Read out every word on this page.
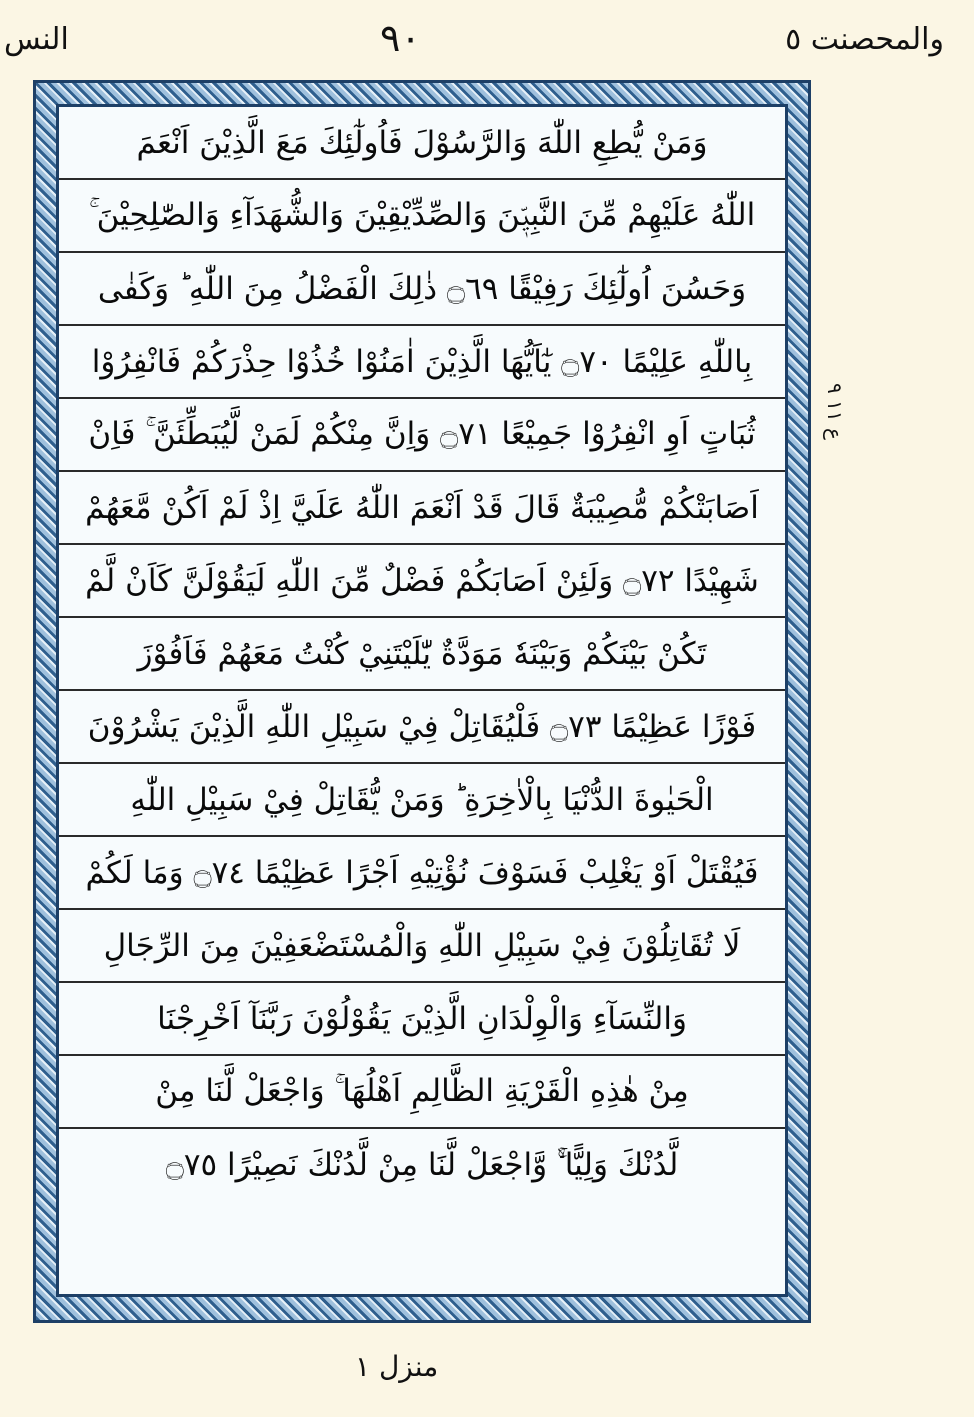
النس	٩٠	والمحصنت ٥
وَمَنْ يُّطِعِ اللّٰهَ وَالرَّسُوْلَ فَاُولٰٓئِكَ مَعَ الَّذِيْنَ اَنْعَمَ
اللّٰهُ عَلَيْهِمْ مِّنَ النَّبِيّٖنَ وَالصِّدِّيْقِيْنَ وَالشُّهَدَآءِ وَالصّٰلِحِيْنَ ۚ
وَحَسُنَ اُولٰٓئِكَ رَفِيْقًا ۝٦٩ ذٰلِكَ الْفَضْلُ مِنَ اللّٰهِ ؕ وَكَفٰى
بِاللّٰهِ عَلِيْمًا ۝٧٠ يٰٓاَيُّهَا الَّذِيْنَ اٰمَنُوْا خُذُوْا حِذْرَكُمْ فَانْفِرُوْا
ثُبَاتٍ اَوِ انْفِرُوْا جَمِيْعًا ۝٧١ وَاِنَّ مِنْكُمْ لَمَنْ لَّيُبَطِّئَنَّ ۚ فَاِنْ
اَصَابَتْكُمْ مُّصِيْبَةٌ قَالَ قَدْ اَنْعَمَ اللّٰهُ عَلَيَّ اِذْ لَمْ اَكُنْ مَّعَهُمْ
شَهِيْدًا ۝٧٢ وَلَئِنْ اَصَابَكُمْ فَضْلٌ مِّنَ اللّٰهِ لَيَقُوْلَنَّ كَاَنْ لَّمْ
تَكُنْ بَيْنَكُمْ وَبَيْنَهٗ مَوَدَّةٌ يّٰلَيْتَنِيْ كُنْتُ مَعَهُمْ فَاَفُوْزَ
فَوْزًا عَظِيْمًا ۝٧٣ فَلْيُقَاتِلْ فِيْ سَبِيْلِ اللّٰهِ الَّذِيْنَ يَشْرُوْنَ
الْحَيٰوةَ الدُّنْيَا بِالْاٰخِرَةِ ؕ وَمَنْ يُّقَاتِلْ فِيْ سَبِيْلِ اللّٰهِ
فَيُقْتَلْ اَوْ يَغْلِبْ فَسَوْفَ نُؤْتِيْهِ اَجْرًا عَظِيْمًا ۝٧٤ وَمَا لَكُمْ
لَا تُقَاتِلُوْنَ فِيْ سَبِيْلِ اللّٰهِ وَالْمُسْتَضْعَفِيْنَ مِنَ الرِّجَالِ
وَالنِّسَآءِ وَالْوِلْدَانِ الَّذِيْنَ يَقُوْلُوْنَ رَبَّنَآ اَخْرِجْنَا
مِنْ هٰذِهِ الْقَرْيَةِ الظَّالِمِ اَهْلُهَا ۚ وَاجْعَلْ لَّنَا مِنْ
لَّدُنْكَ وَلِيًّا ۚۙ وَّاجْعَلْ لَّنَا مِنْ لَّدُنْكَ نَصِيْرًا ۝٧٥
ع ١١ ٩
منزل ١
